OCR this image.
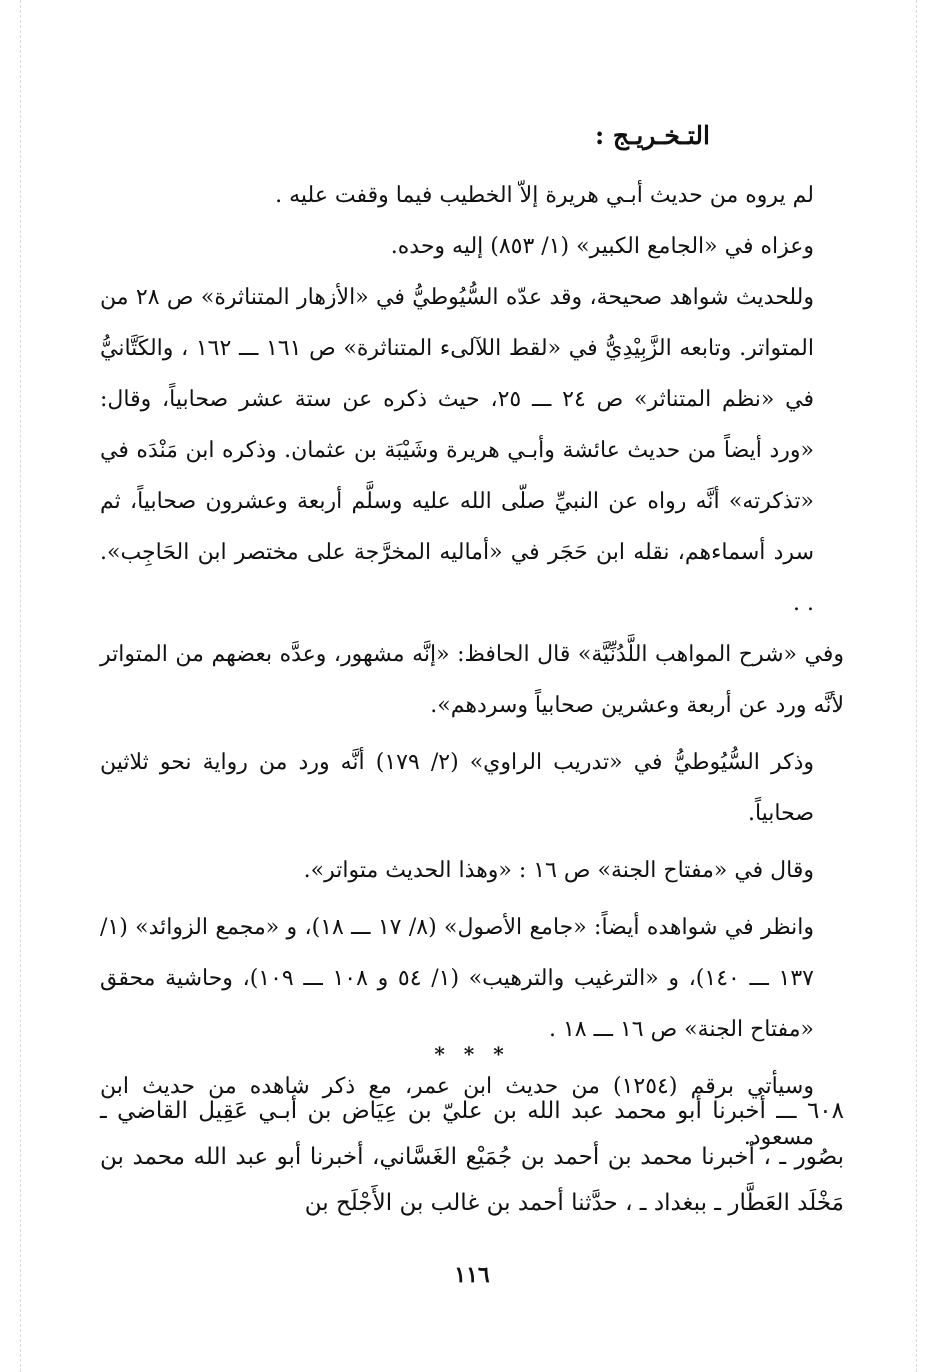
التـخـريـج :

لم يروه من حديث أبـي هريرة إلاّ الخطيب فيما وقفت عليه .

وعزاه في «الجامع الكبير» (١/ ٨٥٣) إليه وحده.

وللحديث شواهد صحيحة، وقد عدّه السُّيُوطيُّ في «الأزهار المتناثرة» ص ٢٨ من المتواتر. وتابعه الزَّبِيْدِيُّ في «لقط اللآلىء المتناثرة» ص ١٦١ ـــ ١٦٢ ، والكَتَّانيُّ في «نظم المتناثر» ص ٢٤ ـــ ٢٥، حيث ذكره عن ستة عشر صحابياً، وقال: «ورد أيضاً من حديث عائشة وأبـي هريرة وشَيْبَة بن عثمان. وذكره ابن مَنْدَه في «تذكرته» أنَّه رواه عن النبيِّ صلّى الله عليه وسلَّم أربعة وعشرون صحابياً، ثم سرد أسماءهم، نقله ابن حَجَر في «أماليه المخرَّجة على مختصر ابن الحَاجِب». . .

وفي «شرح المواهب اللَّدُنِّيَّة» قال الحافظ: «إنَّه مشهور، وعدَّه بعضهم من المتواتر لأنَّه ورد عن أربعة وعشرين صحابياً وسردهم».

وذكر السُّيُوطيُّ في «تدريب الراوي» (٢/ ١٧٩) أنَّه ورد من رواية نحو ثلاثين صحابياً.

وقال في «مفتاح الجنة» ص ١٦ : «وهذا الحديث متواتر».

وانظر في شواهده أيضاً: «جامع الأصول» (٨/ ١٧ ـــ ١٨)، و «مجمع الزوائد» (١/ ١٣٧ ـــ ١٤٠)، و «الترغيب والترهيب» (١/ ٥٤ و ١٠٨ ـــ ١٠٩)، وحاشية محقق «مفتاح الجنة» ص ١٦ ـــ ١٨ .

وسيأتي برقم (١٢٥٤) من حديث ابن عمر، مع ذكر شاهده من حديث ابن مسعود.

* * *
٦٠٨ ـــ أخبرنا أبو محمد عبد الله بن عليّ بن عِيَاض بن أبـي عَقِيل القاضي ـ بصُور ـ ، أخبرنا محمد بن أحمد بن جُمَيْع الغَسَّاني، أخبرنا أبو عبد الله محمد بن مَخْلَد العَطَّار ـ ببغداد ـ ، حدَّثنا أحمد بن غالب بن الأَجْلَح بن
١١٦
